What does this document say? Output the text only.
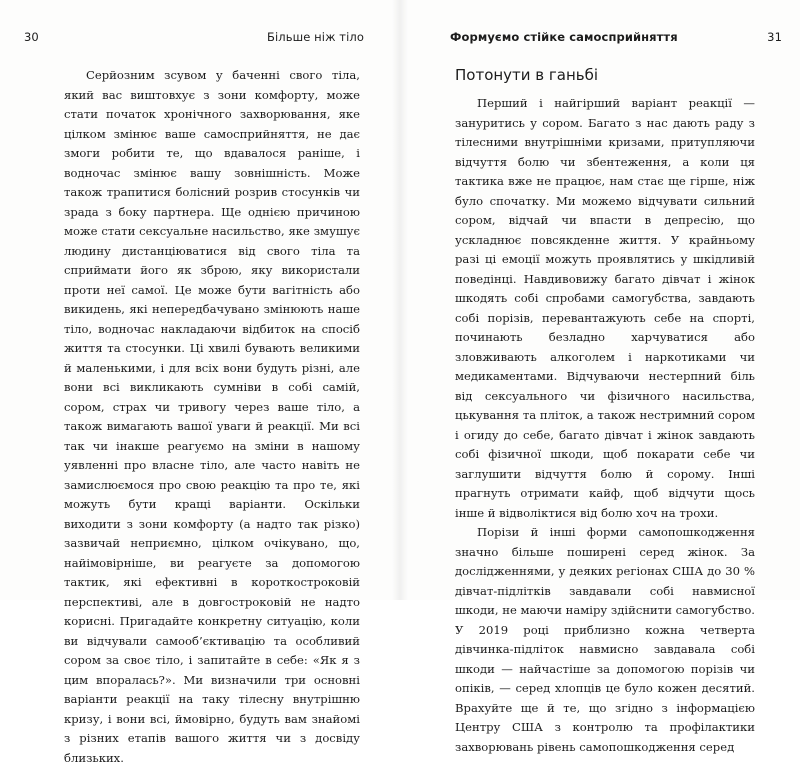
30	Більше ніж тіло

Серйозним зсувом у баченні свого тіла, який вас виштовхує з зони комфорту, може стати початок хронічного захворювання, яке цілком змінює ваше самосприйняття, не дає змоги робити те, що вдавалося раніше, і водночас змінює вашу зовнішність. Може також трапитися болісний розрив стосунків чи зрада з боку партнера. Ще однією причиною може стати сексуальне насильство, яке змушує людину дистанціюватися від свого тіла та сприймати його як зброю, яку використали проти неї самої. Це може бути вагітність або викидень, які непередбачувано змінюють наше тіло, водночас накладаючи відбиток на спосіб життя та стосунки. Ці хвилі бувають великими й маленькими, і для всіх вони будуть різні, але вони всі викликають сумніви в собі самій, сором, страх чи тривогу через ваше тіло, а також вимагають вашої уваги й реакції. Ми всі так чи інакше реагуємо на зміни в нашому уявленні про власне тіло, але часто навіть не замислюємося про свою реакцію та про те, які можуть бути кращі варіанти. Оскільки виходити з зони комфорту (а надто так різко) зазвичай неприємно, цілком очікувано, що, найімовірніше, ви реагуєте за допомогою тактик, які ефективні в короткостроковій перспективі, але в довгостроковій не надто корисні. Пригадайте конкретну ситуацію, коли ви відчували самооб’єктивацію та особливий сором за своє тіло, і запитайте в себе: «Як я з цим впоралась?». Ми визначили три основні варіанти реакції на таку тілесну внутрішню кризу, і вони всі, ймовірно, будуть вам знайомі з різних етапів вашого життя чи з досвіду близьких.

Формуємо стійке самосприйняття	31
Потонути в ганьбі

Перший і найгірший варіант реакції — зануритись у сором. Багато з нас дають раду з тілесними внутрішніми кризами, притупляючи відчуття болю чи збентеження, а коли ця тактика вже не працює, нам стає ще гірше, ніж було спочатку. Ми можемо відчувати сильний сором, відчай чи впасти в депресію, що ускладнює повсякденне життя. У крайньому разі ці емоції можуть проявлятись у шкідливій поведінці. Навдивовижу багато дівчат і жінок шкодять собі спробами самогубства, завдають собі порізів, перевантажують себе на спорті, починають безладно харчуватися або зловживають алкоголем і наркотиками чи медикаментами. Відчуваючи нестерпний біль від сексуального чи фізичного насильства, цькування та пліток, а також нестримний сором і огиду до себе, багато дівчат і жінок завдають собі фізичної шкоди, щоб покарати себе чи заглушити відчуття болю й сорому. Інші прагнуть отримати кайф, щоб відчути щось інше й відволіктися від болю хоч на трохи.

Порізи й інші форми самопошкодження значно більше поширені серед жінок. За дослідженнями, у деяких регіонах США до 30 % дівчат-підлітків завдавали собі навмисної шкоди, не маючи наміру здійснити самогубство. У 2019 році приблизно кожна четверта дівчинка-підліток навмисно завдавала собі шкоди — найчастіше за допомогою порізів чи опіків, — серед хлопців це було кожен десятий. Врахуйте ще й те, що згідно з інформацією Центру США з контролю та профілактики захворювань рівень самопошкодження серед
